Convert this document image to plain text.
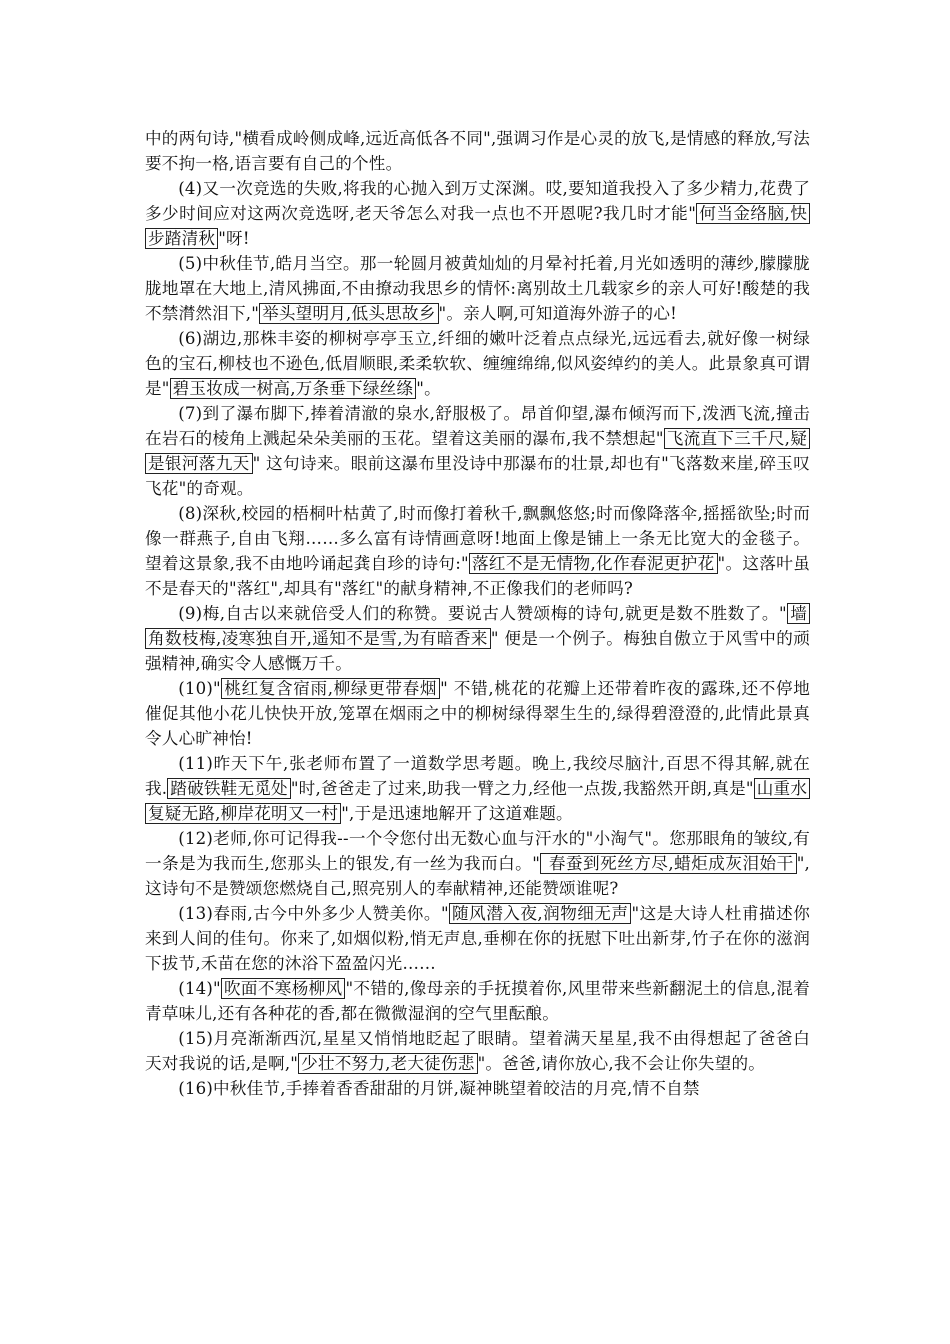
中的两句诗,"横看成岭侧成峰,远近高低各不同",强调习作是心灵的放飞,是情感的释放,写法要不拘一格,语言要有自己的个性。

(4)又一次竞选的失败,将我的心抛入到万丈深渊。哎,要知道我投入了多少精力,花费了多少时间应对这两次竞选呀,老天爷怎么对我一点也不开恩呢?我几时才能" 何当金络脑,快步踏清秋 "呀!

(5)中秋佳节,皓月当空。那一轮圆月被黄灿灿的月晕衬托着,月光如透明的薄纱,朦朦胧胧地罩在大地上,清风拂面,不由撩动我思乡的情怀:离别故土几载家乡的亲人可好!酸楚的我不禁潸然泪下," 举头望明月,低头思故乡 "。亲人啊,可知道海外游子的心!

(6)湖边,那株丰姿的柳树亭亭玉立,纤细的嫩叶泛着点点绿光,远远看去,就好像一树绿色的宝石,柳枝也不逊色,低眉顺眼,柔柔软软、缠缠绵绵,似风姿绰约的美人。此景象真可谓是" 碧玉妆成一树高,万条垂下绿丝绦 "。

(7)到了瀑布脚下,捧着清澈的泉水,舒服极了。昂首仰望,瀑布倾泻而下,泼洒飞流,撞击在岩石的棱角上溅起朵朵美丽的玉花。望着这美丽的瀑布,我不禁想起" 飞流直下三千尺,疑是银河落九天 " 这句诗来。眼前这瀑布里没诗中那瀑布的壮景,却也有"飞落数来崖,碎玉叹飞花"的奇观。

(8)深秋,校园的梧桐叶枯黄了,时而像打着秋千,飘飘悠悠;时而像降落伞,摇摇欲坠;时而像一群燕子,自由飞翔……多么富有诗情画意呀!地面上像是铺上一条无比宽大的金毯子。望着这景象,我不由地吟诵起龚自珍的诗句:" 落红不是无情物,化作春泥更护花 "。这落叶虽不是春天的"落红",却具有"落红"的献身精神,不正像我们的老师吗?

(9)梅,自古以来就倍受人们的称赞。要说古人赞颂梅的诗句,就更是数不胜数了。" 墙角数枝梅,凌寒独自开,遥知不是雪,为有暗香来 " 便是一个例子。梅独自傲立于风雪中的顽强精神,确实令人感慨万千。

(10)" 桃红复含宿雨,柳绿更带春烟 " 不错,桃花的花瓣上还带着昨夜的露珠,还不停地催促其他小花儿快快开放,笼罩在烟雨之中的柳树绿得翠生生的,绿得碧澄澄的,此情此景真令人心旷神怡!

(11)昨天下午,张老师布置了一道数学思考题。晚上,我绞尽脑汁,百思不得其解,就在我. 踏破铁鞋无觅处 "时,爸爸走了过来,助我一臂之力,经他一点拨,我豁然开朗,真是" 山重水复疑无路,柳岸花明又一村 ",于是迅速地解开了这道难题。

(12)老师,你可记得我--一个令您付出无数心血与汗水的"小淘气"。您那眼角的皱纹,有一条是为我而生,您那头上的银发,有一丝为我而白。" 春蚕到死丝方尽,蜡炬成灰泪始干 ",这诗句不是赞颂您燃烧自己,照亮别人的奉献精神,还能赞颂谁呢?

(13)春雨,古今中外多少人赞美你。" 随风潜入夜,润物细无声 "这是大诗人杜甫描述你来到人间的佳句。你来了,如烟似粉,悄无声息,垂柳在你的抚慰下吐出新芽,竹子在你的滋润下拔节,禾苗在您的沐浴下盈盈闪光……

(14)" 吹面不寒杨柳风 "不错的,像母亲的手抚摸着你,风里带来些新翻泥土的信息,混着青草味儿,还有各种花的香,都在微微湿润的空气里酝酿。

(15)月亮渐渐西沉,星星又悄悄地眨起了眼睛。望着满天星星,我不由得想起了爸爸白天对我说的话,是啊," 少壮不努力,老大徒伤悲 "。爸爸,请你放心,我不会让你失望的。

(16)中秋佳节,手捧着香香甜甜的月饼,凝神眺望着皎洁的月亮,情不自禁
